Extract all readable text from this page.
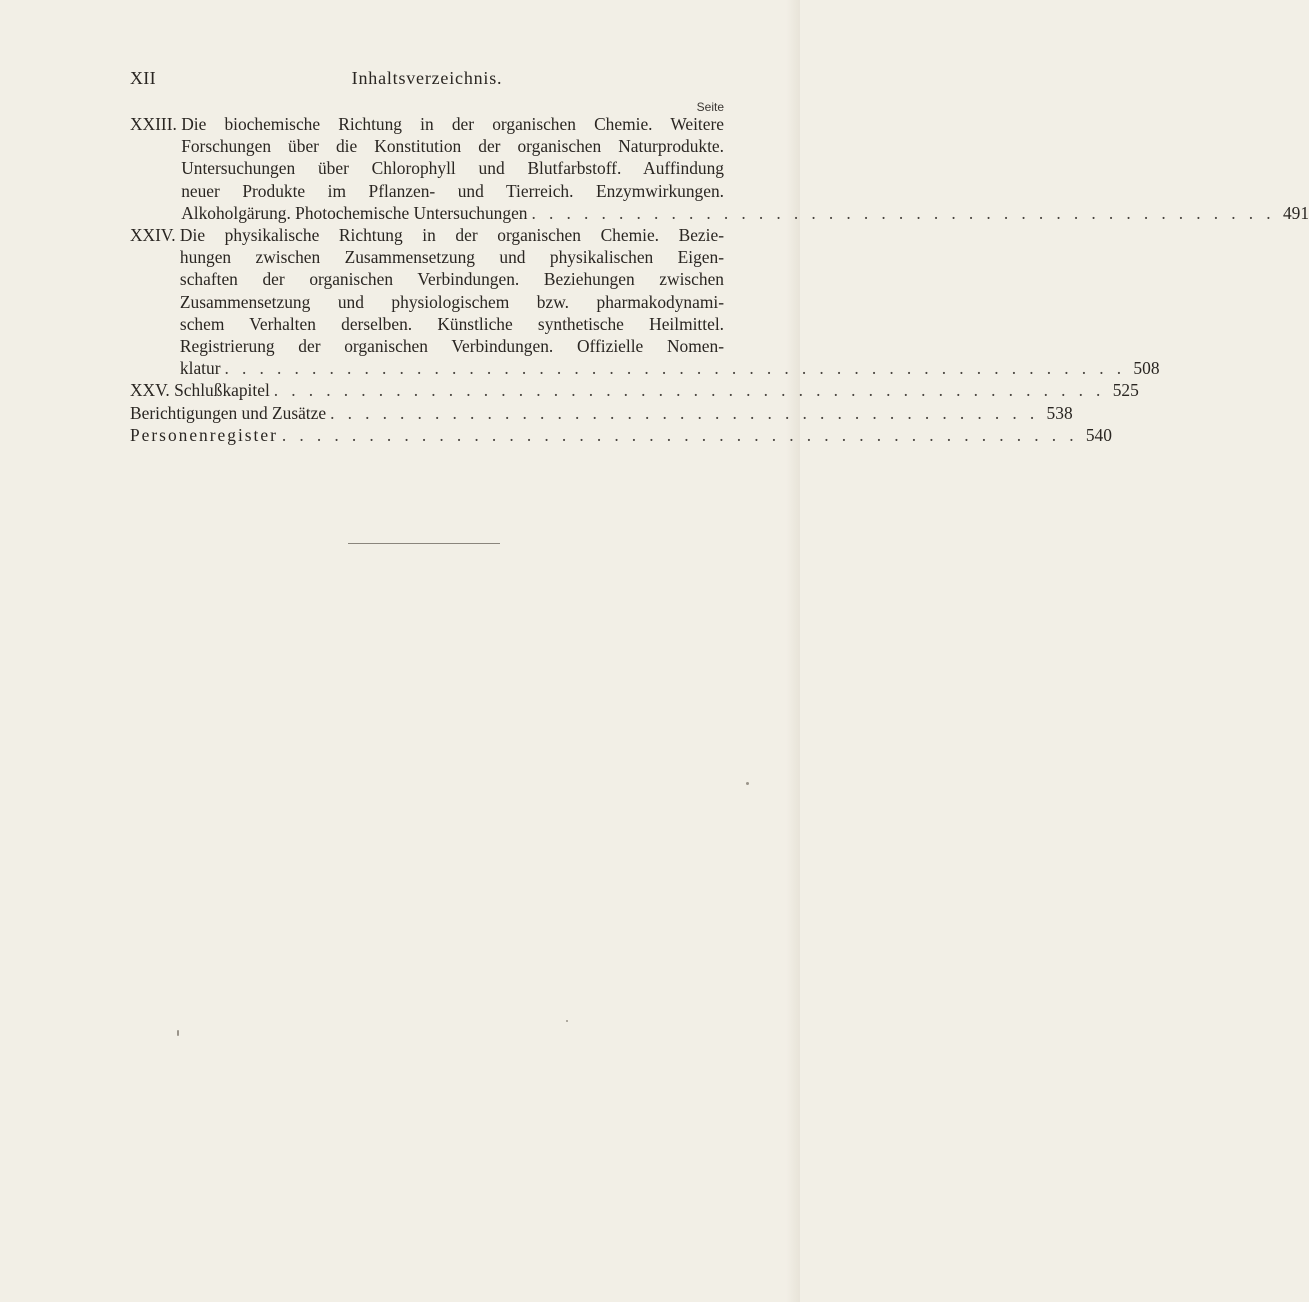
XII	Inhaltsverzeichnis.
Seite
XXIII. Die biochemische Richtung in der organischen Chemie. Weitere
Forschungen über die Konstitution der organischen Naturprodukte.
Untersuchungen über Chlorophyll und Blutfarbstoff. Auffindung
neuer Produkte im Pflanzen- und Tierreich. Enzymwirkungen.
Alkoholgärung. Photochemische Untersuchungen . . . . . . . . . . . . . . . . . . . . . . . . . . . . . . . . . . . . . . . . . . . 491
XXIV. Die physikalische Richtung in der organischen Chemie. Bezie-
hungen zwischen Zusammensetzung und physikalischen Eigen-
schaften der organischen Verbindungen. Beziehungen zwischen
Zusammensetzung und physiologischem bzw. pharmakodynami-
schem Verhalten derselben. Künstliche synthetische Heilmittel.
Registrierung der organischen Verbindungen. Offizielle Nomen-
klatur . . . . . . . . . . . . . . . . . . . . . . . . . . . . . . . . . . . . . . . . . . . . . . . . . . . . 508
XXV. Schlußkapitel . . . . . . . . . . . . . . . . . . . . . . . . . . . . . . . . . . . . . . . . . . . . . . . . 525
Berichtigungen und Zusätze . . . . . . . . . . . . . . . . . . . . . . . . . . . . . . . . . . . . . . . . . 538
Personenregister . . . . . . . . . . . . . . . . . . . . . . . . . . . . . . . . . . . . . . . . . . . . . . 540
